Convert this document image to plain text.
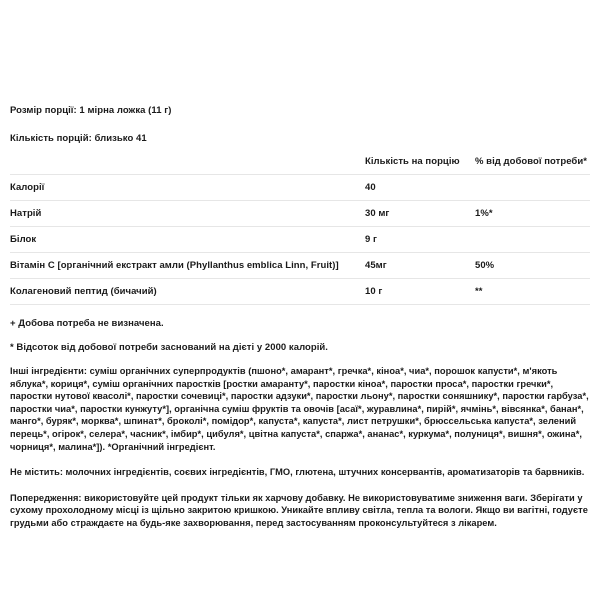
Розмір порції: 1 мірна ложка (11 г)

Кількість порцій: близько 41

	Кількість на порцію	% від добової потреби*
Калорії	40	
Натрій	30 мг	1%*
Білок	9 г	
Вітамін C [органічний екстракт амли (Phyllanthus emblica Linn, Fruit)]	45мг	50%
Колагеновий пептид (бичачий)	10 г	**

+ Добова потреба не визначена.

* Відсоток від добової потреби заснований на дієті у 2000 калорій.

Інші інгредієнти: суміш органічних суперпродуктів (пшоно*, амарант*, гречка*, кіноа*, чиа*, порошок капусти*, м'якоть яблука*, кориця*, суміш органічних паростків [ростки амаранту*, паростки кіноа*, паростки проса*, паростки гречки*, паростки нутової квасолі*, паростки сочевиці*, паростки адзуки*, паростки льону*, паростки соняшнику*, паростки гарбуза*, паростки чиа*, паростки кунжуту*], органічна суміш фруктів та овочів [асаї*, журавлина*, пирій*, ячмінь*, вівсянка*, банан*, манго*, буряк*, морква*, шпинат*, броколі*, помідор*, капуста*, капуста*, лист петрушки*, брюссельська капуста*, зелений перець*, огірок*, селера*, часник*, імбир*, цибуля*, цвітна капуста*, спаржа*, ананас*, куркума*, полуниця*, вишня*, ожина*, чорниця*, малина*]). *Органічний інгредієнт.

Не містить: молочних інгредієнтів, соєвих інгредієнтів, ГМО, глютена, штучних консервантів, ароматизаторів та барвників.

Попередження: використовуйте цей продукт тільки як харчову добавку. Не використовуватиме зниження ваги. Зберігати у сухому прохолодному місці із щільно закритою кришкою. Уникайте впливу світла, тепла та вологи. Якщо ви вагітні, годуєте грудьми або страждаєте на будь-яке захворювання, перед застосуванням проконсультуйтеся з лікарем.
